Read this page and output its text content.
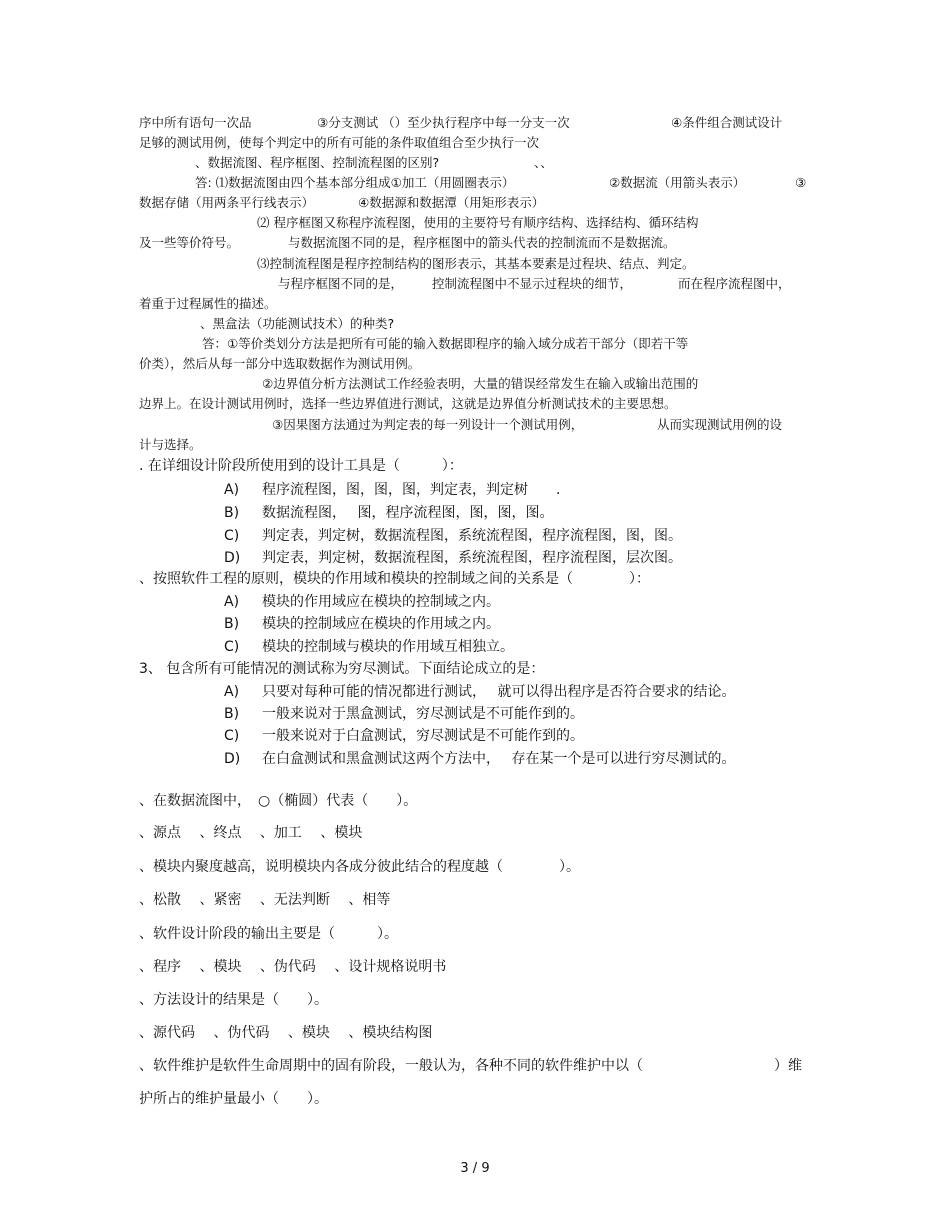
序中所有语句一次品	③分支测试 （）至少执行程序中每一分支一次	④条件组合测试设计

足够的测试用例，使每个判定中的所有可能的条件取值组合至少执行一次

、数据流图、程序框图、控制流程图的区别?	、、

答: ⑴数据流图由四个基本部分组成①加工（用圆圈表示）	②数据流（用箭头表示）	③

数据存储（用两条平行线表示）	④数据源和数据潭（用矩形表示）

⑵ 程序框图又称程序流程图，使用的主要符号有顺序结构、选择结构、循环结构

及一些等价符号。	与数据流图不同的是，程序框图中的箭头代表的控制流而不是数据流。

⑶控制流程图是程序控制结构的图形表示，其基本要素是过程块、结点、判定。

与程序框图不同的是， 控制流程图中不显示过程块的细节，	而在程序流程图中，

着重于过程属性的描述。

、黑盒法（功能测试技术）的种类?

答：①等价类划分方法是把所有可能的输入数据即程序的输入域分成若干部分（即若干等

价类），然后从每一部分中选取数据作为测试用例。

②边界值分析方法测试工作经验表明，大量的错误经常发生在输入或输出范围的

边界上。在设计测试用例时，选择一些边界值进行测试，这就是边界值分析测试技术的主要思想。

③因果图方法通过为判定表的每一列设计一个测试用例，	从而实现测试用例的设

计与选择。

. 在详细设计阶段所使用到的设计工具是（　　　）：

A) 程序流程图，图，图，图，判定表，判定树　　.
B) 数据流程图，　 图，程序流程图，图，图，图。
C) 判定表，判定树，数据流程图，系统流程图，程序流程图，图，图。
D) 判定表，判定树，数据流程图，系统流程图，程序流程图，层次图。

、按照软件工程的原则，模块的作用域和模块的控制域之间的关系是（　　　　）：

A) 模块的作用域应在模块的控制域之内。
B) 模块的控制域应在模块的作用域之内。
C) 模块的控制域与模块的作用域互相独立。

3、 包含所有可能情况的测试称为穷尽测试。下面结论成立的是：

A) 只要对每种可能的情况都进行测试，　 就可以得出程序是否符合要求的结论。
B) 一般来说对于黑盒测试，穷尽测试是不可能作到的。
C) 一般来说对于白盒测试，穷尽测试是不可能作到的。
D) 在白盒测试和黑盒测试这两个方法中，　 存在某一个是可以进行穷尽测试的。

、在数据流图中，　○（椭圆）代表（　　）。

、源点　 、终点　 、加工　 、模块

、模块内聚度越高，说明模块内各成分彼此结合的程度越（　　　　）。

、松散　 、紧密　 、无法判断　 、相等

、软件设计阶段的输出主要是（　　　）。

、程序　 、模块　 、伪代码　 、设计规格说明书

、方法设计的结果是（　　）。

、源代码　 、伪代码　 、模块　 、模块结构图

、软件维护是软件生命周期中的固有阶段，一般认为，各种不同的软件维护中以（	）维

护所占的维护量最小（　　）。

3 / 9
